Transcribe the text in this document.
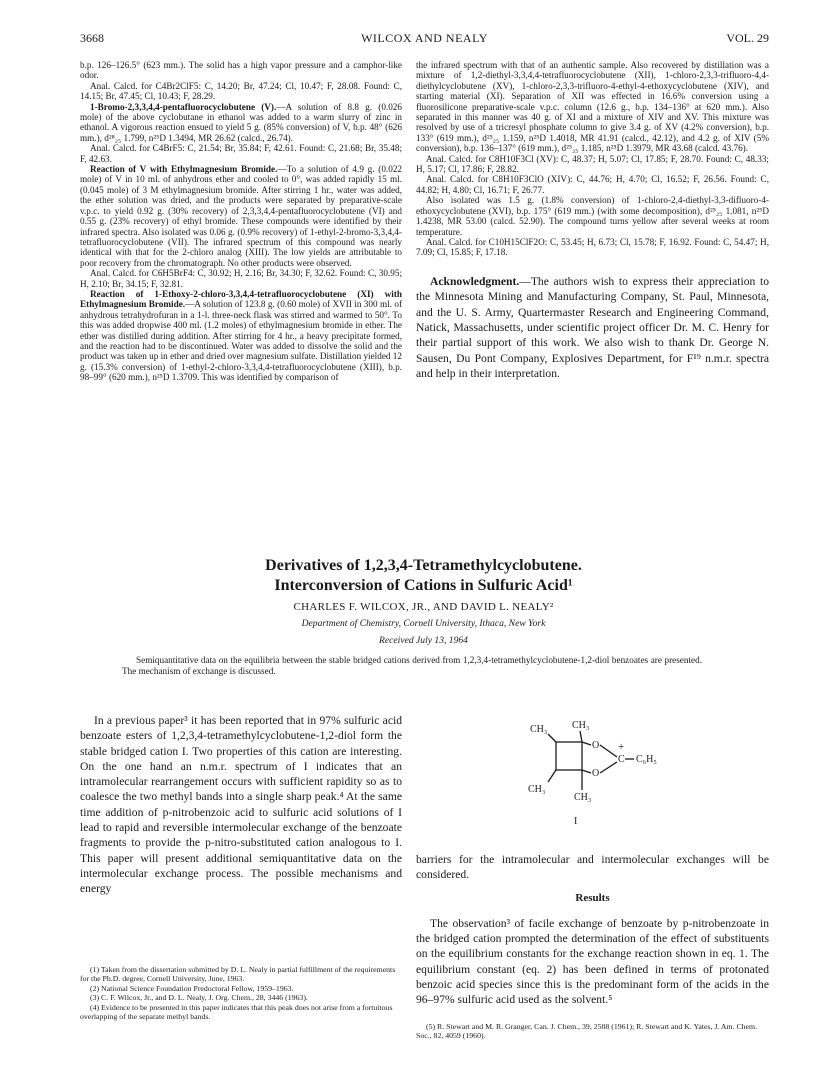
3668	WILCOX AND NEALY	VOL. 29

b.p. 126–126.5° (623 mm.). The solid has a high vapor pressure and a camphor-like odor.

Anal. Calcd. for C4Br2ClF5: C, 14.20; Br, 47.24; Cl, 10.47; F, 28.08. Found: C, 14.15; Br, 47.45; Cl, 10.43; F, 28.29.

1-Bromo-2,3,3,4,4-pentafluorocyclobutene (V).—A solution of 8.8 g. (0.026 mole) of the above cyclobutane in ethanol was added to a warm slurry of zinc in ethanol. A vigorous reaction ensued to yield 5 g. (85% conversion) of V, b.p. 48° (626 mm.), d²⁸₂₅ 1.799, n²⁵D 1.3494, MR 26.62 (calcd., 26.74).

Anal. Calcd. for C4BrF5: C, 21.54; Br, 35.84; F, 42.61. Found: C, 21.68; Br, 35.48; F, 42.63.

Reaction of V with Ethylmagnesium Bromide.—To a solution of 4.9 g. (0.022 mole) of V in 10 ml. of anhydrous ether and cooled to 0°, was added rapidly 15 ml. (0.045 mole) of 3 M ethylmagnesium bromide. After stirring 1 hr., water was added, the ether solution was dried, and the products were separated by preparative-scale v.p.c. to yield 0.92 g. (30% recovery) of 2,3,3,4,4-pentafluorocyclobutene (VI) and 0.55 g. (23% recovery) of ethyl bromide. These compounds were identified by their infrared spectra. Also isolated was 0.06 g. (0.9% recovery) of 1-ethyl-2-bromo-3,3,4,4-tetrafluorocyclobutene (VII). The infrared spectrum of this compound was nearly identical with that for the 2-chloro analog (XIII). The low yields are attributable to poor recovery from the chromatograph. No other products were observed.

Anal. Calcd. for C6H5BrF4: C, 30.92; H, 2.16; Br, 34.30; F, 32.62. Found: C, 30.95; H, 2.10; Br, 34.15; F, 32.81.

Reaction of 1-Ethoxy-2-chloro-3,3,4,4-tetrafluorocyclobutene (XI) with Ethylmagnesium Bromide.—A solution of 123.8 g. (0.60 mole) of XVII in 300 ml. of anhydrous tetrahydrofuran in a 1-l. three-neck flask was stirred and warmed to 50°. To this was added dropwise 400 ml. (1.2 moles) of ethylmagnesium bromide in ether. The ether was distilled during addition. After stirring for 4 hr., a heavy precipitate formed, and the reaction had to be discontinued. Water was added to dissolve the solid and the product was taken up in ether and dried over magnesium sulfate. Distillation yielded 12 g. (15.3% conversion) of 1-ethyl-2-chloro-3,3,4,4-tetrafluorocyclobutene (XIII), b.p. 98–99° (620 mm.), n²⁵D 1.3709. This was identified by comparison of

the infrared spectrum with that of an authentic sample. Also recovered by distillation was a mixture of 1,2-diethyl-3,3,4,4-tetrafluorocyclobutene (XII), 1-chloro-2,3,3-trifluoro-4,4-diethylcyclobutene (XV), 1-chloro-2,3,3-trifluoro-4-ethyl-4-ethoxycyclobutene (XIV), and starting material (XI). Separation of XII was effected in 16.6% conversion using a fluorosilicone preparative-scale v.p.c. column (12.6 g., b.p. 134–136° at 620 mm.). Also separated in this manner was 40 g. of XI and a mixture of XIV and XV. This mixture was resolved by use of a tricresyl phosphate column to give 3.4 g. of XV (4.2% conversion), b.p. 133° (619 mm.), d²⁵₂₅ 1.159, n²⁵D 1.4018, MR 41.91 (calcd., 42.12), and 4.2 g. of XIV (5% conversion), b.p. 136–137° (619 mm.), d²⁵₂₅ 1.185, n²⁵D 1.3979, MR 43.68 (calcd. 43.76).

Anal. Calcd. for C8H10F3Cl (XV): C, 48.37; H, 5.07; Cl, 17.85; F, 28.70. Found: C, 48.33; H, 5.17; Cl, 17.86; F, 28.82.

Anal. Calcd. for C8H10F3ClO (XIV): C, 44.76; H, 4.70; Cl, 16.52; F, 26.56. Found: C, 44.82; H, 4.80; Cl, 16.71; F, 26.77.

Also isolated was 1.5 g. (1.8% conversion) of 1-chloro-2,4-diethyl-3,3-difluoro-4-ethoxycyclobutene (XVI), b.p. 175° (619 mm.) (with some decomposition), d²⁵₂₅ 1.081, n²⁵D 1.4238, MR 53.00 (calcd. 52.90). The compound turns yellow after several weeks at room temperature.

Anal. Calcd. for C10H15ClF2O: C, 53.45; H, 6.73; Cl, 15.78; F, 16.92. Found: C, 54.47; H, 7.09; Cl, 15.85; F, 17.18.

Acknowledgment.—The authors wish to express their appreciation to the Minnesota Mining and Manufacturing Company, St. Paul, Minnesota, and the U. S. Army, Quartermaster Research and Engineering Command, Natick, Massachusetts, under scientific project officer Dr. M. C. Henry for their partial support of this work. We also wish to thank Dr. George N. Sausen, Du Pont Company, Explosives Department, for F¹⁹ n.m.r. spectra and help in their interpretation.

Derivatives of 1,2,3,4-Tetramethylcyclobutene.
Interconversion of Cations in Sulfuric Acid¹
CHARLES F. WILCOX, JR., AND DAVID L. NEALY²
Department of Chemistry, Cornell University, Ithaca, New York
Received July 13, 1964
Semiquantitative data on the equilibria between the stable bridged cations derived from 1,2,3,4-tetramethylcyclobutene-1,2-diol benzoates are presented. The mechanism of exchange is discussed.

In a previous paper³ it has been reported that in 97% sulfuric acid benzoate esters of 1,2,3,4-tetramethylcyclobutene-1,2-diol form the stable bridged cation I. Two properties of this cation are interesting. On the one hand an n.m.r. spectrum of I indicates that an intramolecular rearrangement occurs with sufficient rapidity so as to coalesce the two methyl bands into a single sharp peak.⁴ At the same time addition of p-nitrobenzoic acid to sulfuric acid solutions of I lead to rapid and reversible intermolecular exchange of the benzoate fragments to provide the p-nitro-substituted cation analogous to I. This paper will present additional semiquantitative data on the intermolecular exchange process. The possible mechanisms and energy

(1) Taken from the dissertation submitted by D. L. Nealy in partial fulfillment of the requirements for the Ph.D. degree, Cornell University, June, 1963.

(2) National Science Foundation Predoctoral Fellow, 1959–1963.

(3) C. F. Wilcox, Jr., and D. L. Nealy, J. Org. Chem., 28, 3446 (1963).

(4) Evidence to be presented in this paper indicates that this peak does not arise from a fortuitous overlapping of the separate methyl bands.

CH₃ CH₃
CH₃
CH₃
O
O
C
+
C₆H₅
I

barriers for the intramolecular and intermolecular exchanges will be considered.

Results

The observation³ of facile exchange of benzoate by p-nitrobenzoate in the bridged cation prompted the determination of the effect of substituents on the equilibrium constants for the exchange reaction shown in eq. 1. The equilibrium constant (eq. 2) has been defined in terms of protonated benzoic acid species since this is the predominant form of the acids in the 96–97% sulfuric acid used as the solvent.⁵

(5) R. Stewart and M. R. Granger, Can. J. Chem., 39, 2508 (1961); R. Stewart and K. Yates, J. Am. Chem. Soc., 82, 4059 (1960).
